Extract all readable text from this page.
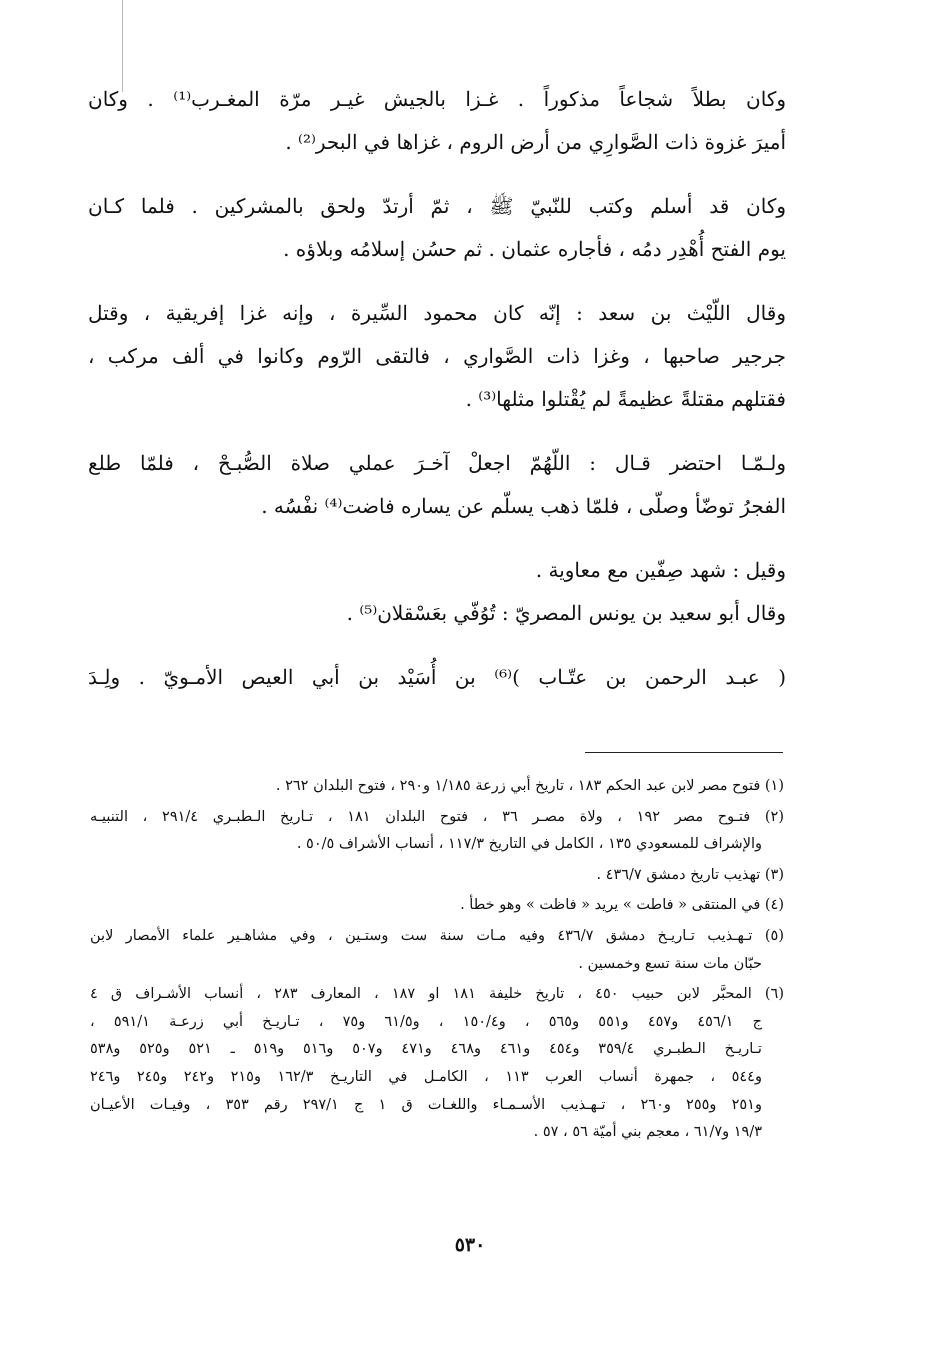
وكان بطلاً شجاعاً مذكوراً . غـزا بالجيش غيـر مرّة المغـرب⁽¹⁾ . وكان
أميرَ غزوة ذات الصَّوارِي من أرض الروم ، غزاها في البحر⁽²⁾ .
وكان قد أسلم وكتب للنّبيّ ﷺ ، ثمّ أرتدّ ولحق بالمشركين . فلما كـان
يوم الفتح أُهْدِر دمُه ، فأجاره عثمان . ثم حسُن إسلامُه وبلاؤه .
وقال اللّيْث بن سعد : إنّه كان محمود السِّيرة ، وإنه غزا إفريقية ، وقتل
جرجير صاحبها ، وغزا ذات الصَّواري ، فالتقى الرّوم وكانوا في ألف مركب ،
فقتلهم مقتلةً عظيمةً لم يُقْتلوا مثلها⁽³⁾ .
ولـمّـا احتضر قـال : اللّهُمّ اجعلْ آخـرَ عملي صلاة الصُّبـحْ ، فلمّا طلع
الفجرُ توضّأ وصلّى ، فلمّا ذهب يسلّم عن يساره فاضت⁽⁴⁾ نفْسُه .
وقيل : شهد صِفّين مع معاوية .
وقال أبو سعيد بن يونس المصريّ : تُوُفّي بعَسْقلان⁽⁵⁾ .
( عبـد الرحمن بن عتّـاب )⁽⁶⁾ بن أُسَيْد بن أبي العيص الأمـويّ . ولِـدَ
(١) فتوح مصر لابن عبد الحكم ١٨٣ ، تاريخ أبي زرعة ١/١٨٥ و٢٩٠ ، فتوح البلدان ٢٦٢ .
(٢) فتـوح مصر ١٩٢ ، ولاة مصـر ٣٦ ، فتوح البلدان ١٨١ ، تـاريخ الـطبـري ٢٩١/٤ ، التنبيـه
والإشراف للمسعودي ١٣٥ ، الكامل في التاريخ ١١٧/٣ ، أنساب الأشراف ٥٠/٥ .
(٣) تهذيب تاريخ دمشق ٤٣٦/٧ .
(٤) في المنتقى « فاطت » يريد « فاظت » وهو خطأ .
(٥) تـهـذيب تـاريـخ دمشق ٤٣٦/٧ وفيه مـات سنة ست وستـين ، وفي مشاهـير علماء الأمصار لابن
حبّان مات سنة تسع وخمسين .
(٦) المحبَّر لابن حبيب ٤٥٠ ، تاريخ خليفة ١٨١ او ١٨٧ ، المعارف ٢٨٣ ، أنساب الأشـراف ق ٤
ج ٤٥٦/١ و٤٥٧ و٥٥١ و٥٦٥ ، و١٥٠/٤ ، و٦١/٥ و٧٥ ، تـاريـخ أبي زرعـة ٥٩١/١ ،
تـاريـخ الـطبـري ٣٥٩/٤ و٤٥٤ و٤٦١ و٤٦٨ و٤٧١ و٥٠٧ و٥١٦ و٥١٩ ـ ٥٢١ و٥٢٥ و٥٣٨
و٥٤٤ ، جمهرة أنساب العرب ١١٣ ، الكامـل في التاريـخ ١٦٢/٣ و٢١٥ و٢٤٢ و٢٤٥ و٢٤٦
و٢٥١ و٢٥٥ و٢٦٠ ، تـهـذيب الأسـمـاء واللغـات ق ١ ج ٢٩٧/١ رقم ٣٥٣ ، وفيـات الأعيـان
١٩/٣ و٦١/٧ ، معجم بني أميّة ٥٦ ، ٥٧ .
٥٣٠
